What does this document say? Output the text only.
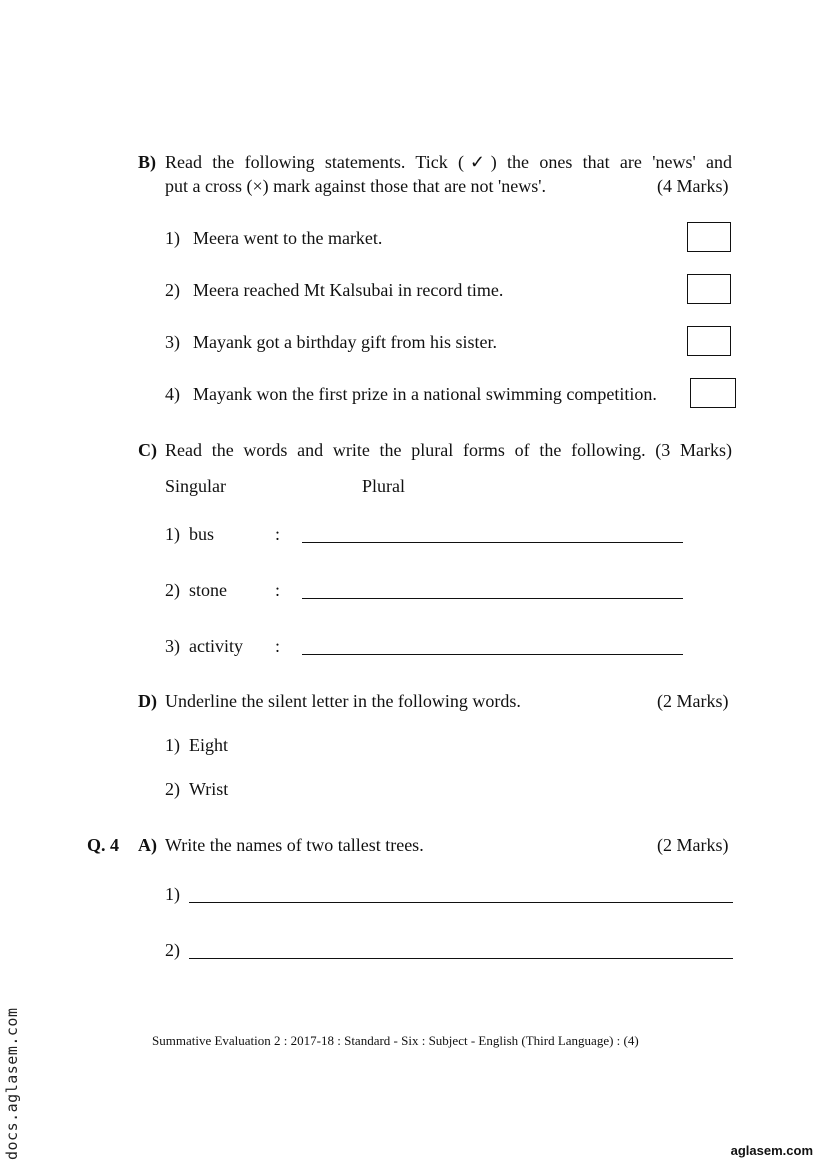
B) Read the following statements. Tick (✓) the ones that are 'news' and
put a cross (×) mark against those that are not 'news'.	(4 Marks)
1) Meera went to the market.
2) Meera reached Mt Kalsubai in record time.
3) Mayank got a birthday gift from his sister.
4) Mayank won the first prize in a national swimming competition.
C) Read the words and write the plural forms of the following. (3 Marks)
Singular	Plural
1) bus	:
2) stone	:
3) activity :
D) Underline the silent letter in the following words.	(2 Marks)
1) Eight
2) Wrist
Q. 4 A) Write the names of two tallest trees.	(2 Marks)
1)
2)
Summative Evaluation 2 : 2017-18 : Standard - Six : Subject - English (Third Language) : (4)
docs.aglasem.com	aglasem.com
